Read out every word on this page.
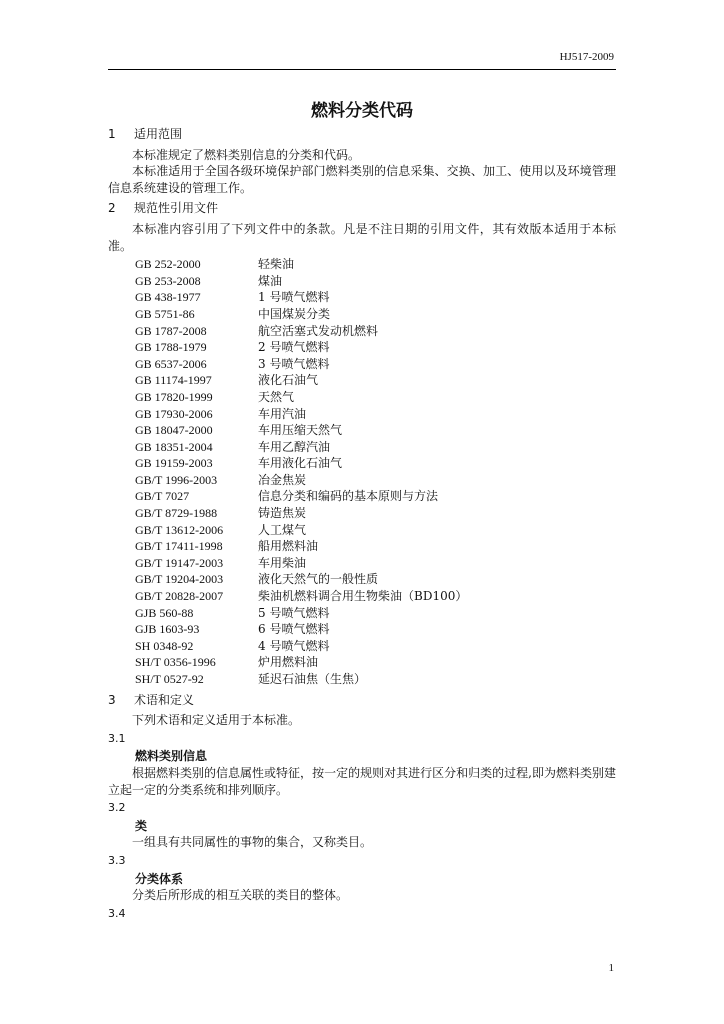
HJ517-2009
燃料分类代码
1 适用范围

本标准规定了燃料类别信息的分类和代码。

本标准适用于全国各级环境保护部门燃料类别的信息采集、交换、加工、使用以及环境管理信息系统建设的管理工作。

2 规范性引用文件

本标准内容引用了下列文件中的条款。凡是不注日期的引用文件，其有效版本适用于本标准。

GB 252-2000	轻柴油
GB 253-2008	煤油
GB 438-1977	1 号喷气燃料
GB 5751-86	中国煤炭分类
GB 1787-2008	航空活塞式发动机燃料
GB 1788-1979	2 号喷气燃料
GB 6537-2006	3 号喷气燃料
GB 11174-1997	液化石油气
GB 17820-1999	天然气
GB 17930-2006	车用汽油
GB 18047-2000	车用压缩天然气
GB 18351-2004	车用乙醇汽油
GB 19159-2003	车用液化石油气
GB/T 1996-2003	冶金焦炭
GB/T 7027	信息分类和编码的基本原则与方法
GB/T 8729-1988	铸造焦炭
GB/T 13612-2006	人工煤气
GB/T 17411-1998	船用燃料油
GB/T 19147-2003	车用柴油
GB/T 19204-2003	液化天然气的一般性质
GB/T 20828-2007	柴油机燃料调合用生物柴油（BD100）
GJB 560-88	5 号喷气燃料
GJB 1603-93	6 号喷气燃料
SH 0348-92	4 号喷气燃料
SH/T 0356-1996	炉用燃料油
SH/T 0527-92	延迟石油焦（生焦）
3 术语和定义

下列术语和定义适用于本标准。

3.1
燃料类别信息

根据燃料类别的信息属性或特征，按一定的规则对其进行区分和归类的过程,即为燃料类别建立起一定的分类系统和排列顺序。

3.2
类

一组具有共同属性的事物的集合，又称类目。

3.3
分类体系

分类后所形成的相互关联的类目的整体。

3.4
1
